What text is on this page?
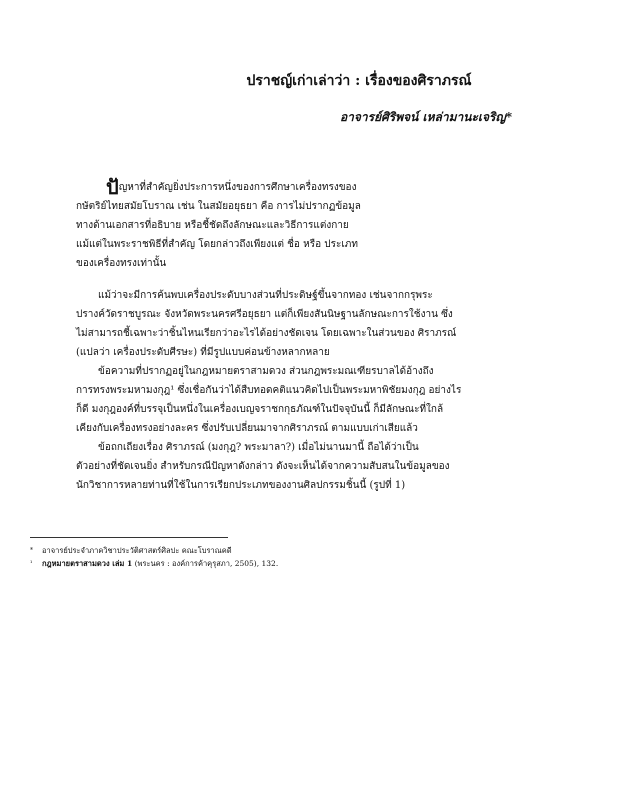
ปราชญ์เก่าเล่าว่า : เรื่องของศิราภรณ์
อาจารย์ศิริพจน์ เหล่ามานะเจริญ*
ปัญหาที่สำคัญยิ่งประการหนึ่งของการศึกษาเครื่องทรงของ
กษัตริย์ไทยสมัยโบราณ เช่น ในสมัยอยุธยา คือ การไม่ปรากฏข้อมูล
ทางด้านเอกสารที่อธิบาย หรือชี้ชัดถึงลักษณะและวิธีการแต่งกาย
แม้แต่ในพระราชพิธีที่สำคัญ โดยกล่าวถึงเพียงแต่ ชื่อ หรือ ประเภท
ของเครื่องทรงเท่านั้น
แม้ว่าจะมีการค้นพบเครื่องประดับบางส่วนที่ประดิษฐ์ขึ้นจากทอง เช่นจากกรุพระ
ปรางค์วัดราชบูรณะ จังหวัดพระนครศรีอยุธยา แต่ก็เพียงสันนิษฐานลักษณะการใช้งาน ซึ่ง
ไม่สามารถชี้เฉพาะว่าชิ้นไหนเรียกว่าอะไรได้อย่างชัดเจน โดยเฉพาะในส่วนของ ศิราภรณ์
(แปลว่า เครื่องประดับศีรษะ) ที่มีรูปแบบค่อนข้างหลากหลาย
ข้อความที่ปรากฏอยู่ในกฎหมายตราสามดวง ส่วนกฎพระมณเฑียรบาลได้อ้างถึง
การทรงพระมหามงกุฎ¹ ซึ่งเชื่อกันว่าได้สืบทอดคติแนวคิดไปเป็นพระมหาพิชัยมงกุฎ อย่างไร
ก็ดี มงกุฎองค์ที่บรรจุเป็นหนึ่งในเครื่องเบญจราชกกุธภัณฑ์ในปัจจุบันนี้ ก็มีลักษณะที่ใกล้
เคียงกับเครื่องทรงอย่างละคร ซึ่งปรับเปลี่ยนมาจากศิราภรณ์ ตามแบบเก่าเสียแล้ว
ข้อถกเถียงเรื่อง ศิราภรณ์ (มงกุฎ? พระมาลา?) เมื่อไม่นานมานี้ ถือได้ว่าเป็น
ตัวอย่างที่ชัดเจนยิ่ง สำหรับกรณีปัญหาดังกล่าว ดังจะเห็นได้จากความสับสนในข้อมูลของ
นักวิชาการหลายท่านที่ใช้ในการเรียกประเภทของงานศิลปกรรมชิ้นนี้ (รูปที่ 1)
* อาจารย์ประจำภาควิชาประวัติศาสตร์ศิลปะ คณะโบราณคดี
¹ กฎหมายตราสามดวง เล่ม 1 (พระนคร : องค์การค้าคุรุสภา, 2505), 132.
